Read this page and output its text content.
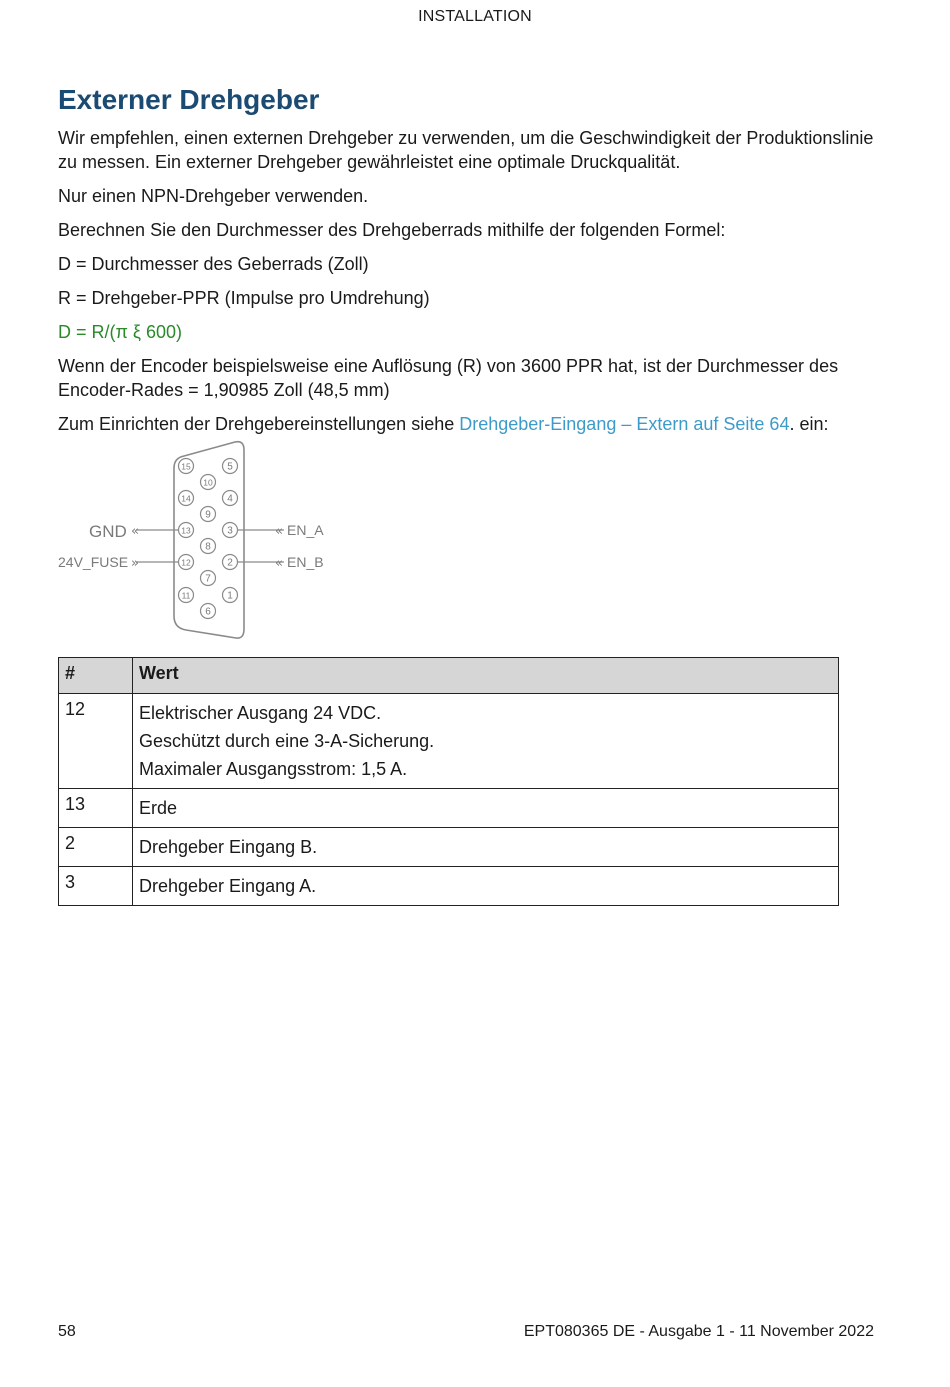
INSTALLATION
Externer Drehgeber

Wir empfehlen, einen externen Drehgeber zu verwenden, um die Geschwindigkeit der Produktionslinie zu messen. Ein externer Drehgeber gewährleistet eine optimale Druckqualität.

Nur einen NPN-Drehgeber verwenden.

Berechnen Sie den Durchmesser des Drehgeberrads mithilfe der folgenden Formel:

D = Durchmesser des Geberrads (Zoll)

R = Drehgeber-PPR (Impulse pro Umdrehung)

D = R/(π ξ 600)

Wenn der Encoder beispielsweise eine Auflösung (R) von 3600 PPR hat, ist der Durchmesser des Encoder-Rades = 1,90985 Zoll (48,5 mm)

Zum Einrichten der Drehgebereinstellungen siehe Drehgeber-Eingang – Extern auf Seite 64. ein:

15	5
10
14	4
9
13	3
8
12	2
7
11	1
6
GND «
24V_FUSE »
« EN_A
« EN_B
#	Wert
12	Elektrischer Ausgang 24 VDC.
Geschützt durch eine 3-A-Sicherung.
Maximaler Ausgangsstrom: 1,5 A.

13	Erde

2	Drehgeber Eingang B.

3	Drehgeber Eingang A.
58	EPT080365 DE - Ausgabe 1 - 11 November 2022
